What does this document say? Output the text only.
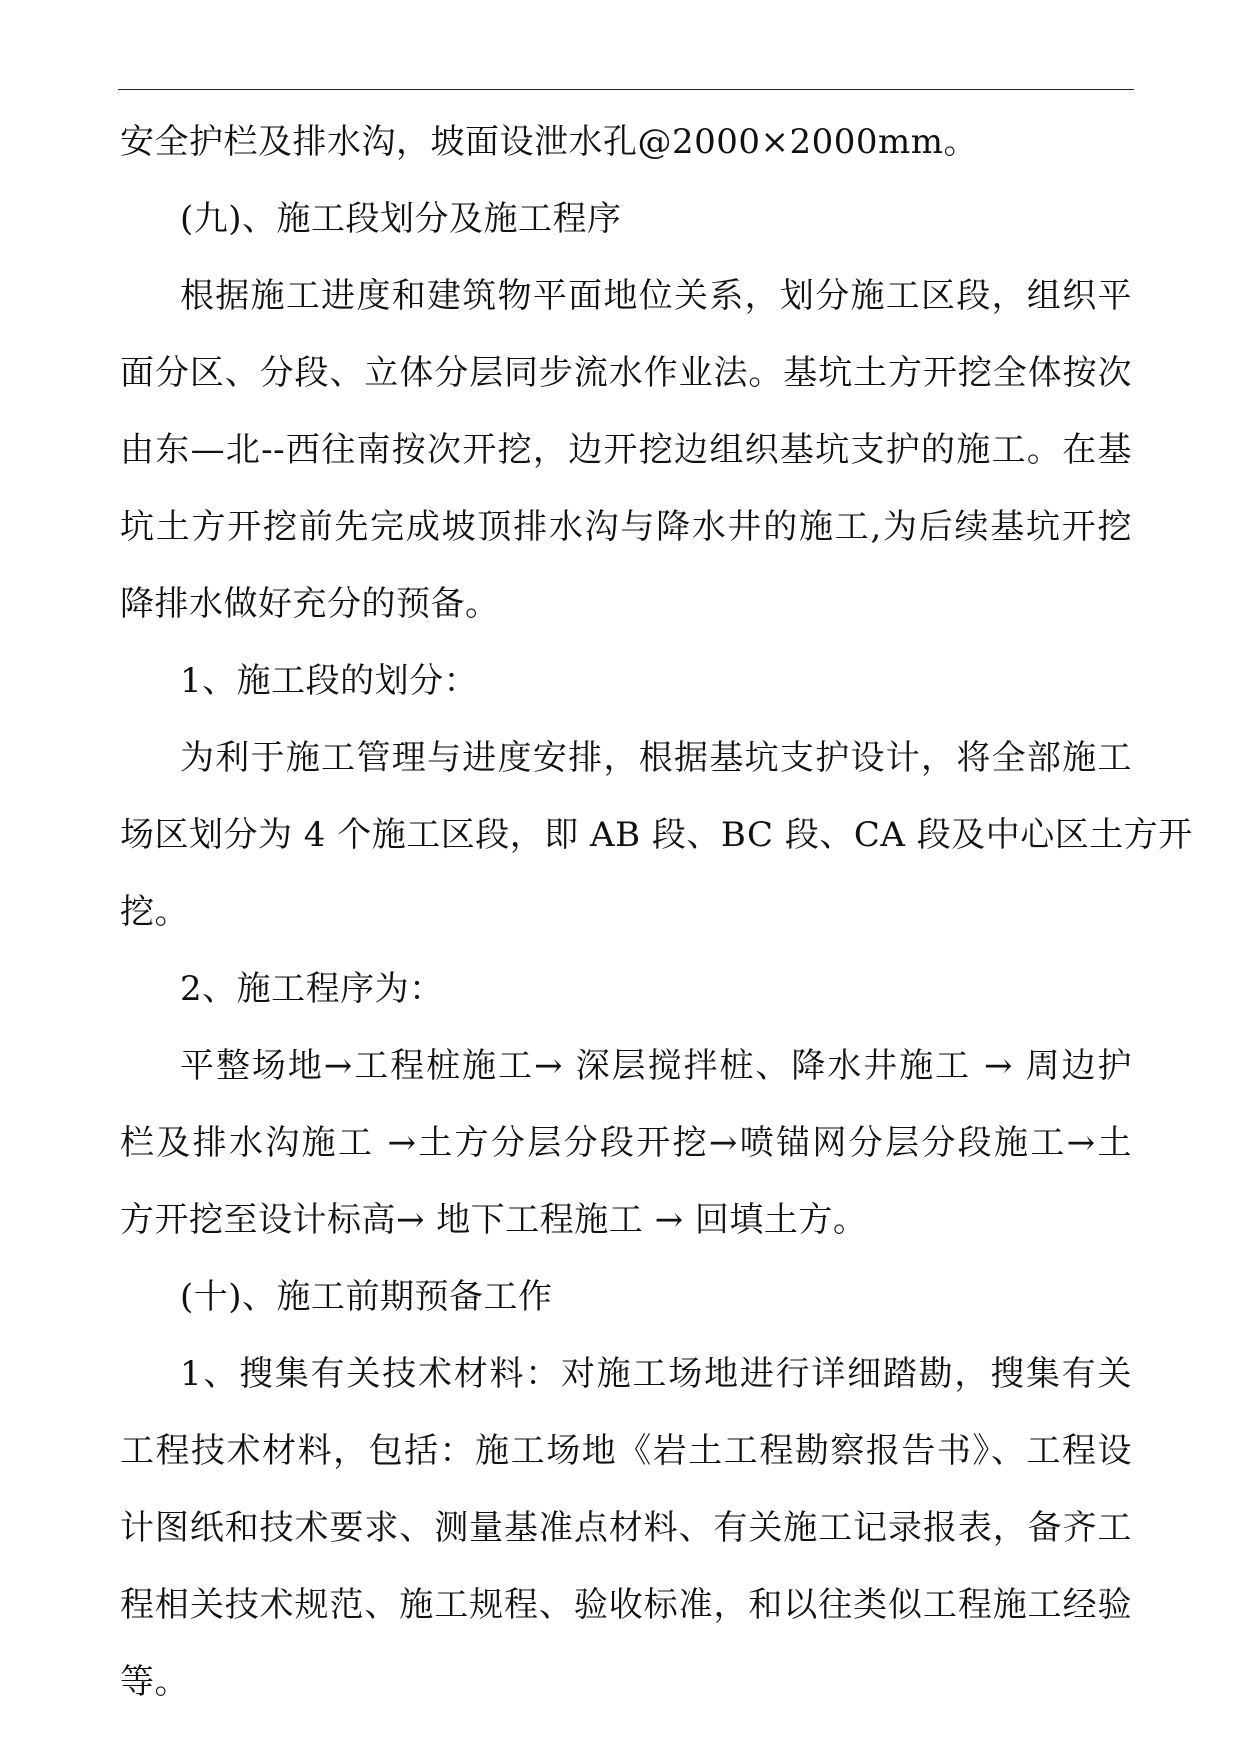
安全护栏及排水沟，坡面设泄水孔@2000×2000mm。

(九)、施工段划分及施工程序

根据施工进度和建筑物平面地位关系，划分施工区段，组织平
面分区、分段、立体分层同步流水作业法。基坑土方开挖全体按次
由东—北--西往南按次开挖，边开挖边组织基坑支护的施工。在基
坑土方开挖前先完成坡顶排水沟与降水井的施工,为后续基坑开挖
降排水做好充分的预备。

1、施工段的划分：

为利于施工管理与进度安排，根据基坑支护设计，将全部施工
场区划分为 4 个施工区段，即 AB 段、BC 段、CA 段及中心区土方开
挖。

2、施工程序为：

平整场地→工程桩施工→ 深层搅拌桩、降水井施工 → 周边护
栏及排水沟施工 →土方分层分段开挖→喷锚网分层分段施工→土
方开挖至设计标高→ 地下工程施工 → 回填土方。

(十)、施工前期预备工作

1、搜集有关技术材料：对施工场地进行详细踏勘，搜集有关
工程技术材料，包括：施工场地《岩土工程勘察报告书》、工程设
计图纸和技术要求、测量基准点材料、有关施工记录报表，备齐工
程相关技术规范、施工规程、验收标准，和以往类似工程施工经验
等。
